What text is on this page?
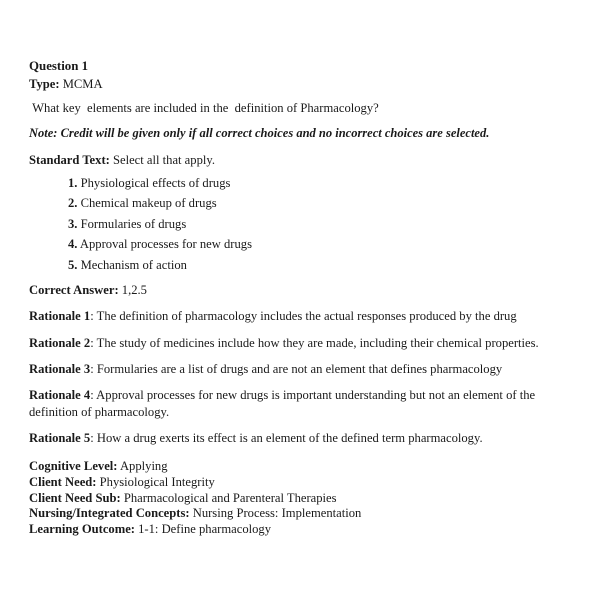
Question 1
Type: MCMA
What key  elements are included in the  definition of Pharmacology?
Note: Credit will be given only if all correct choices and no incorrect choices are selected.
Standard Text: Select all that apply.
1. Physiological effects of drugs
2. Chemical makeup of drugs
3. Formularies of drugs
4. Approval processes for new drugs
5. Mechanism of action
Correct Answer: 1,2.5
Rationale 1: The definition of pharmacology includes the actual responses produced by the drug
Rationale 2: The study of medicines include how they are made, including their chemical properties.
Rationale 3: Formularies are a list of drugs and are not an element that defines pharmacology
Rationale 4: Approval processes for new drugs is important understanding but not an element of the definition of pharmacology.
Rationale 5: How a drug exerts its effect is an element of the defined term pharmacology.
Cognitive Level: Applying
Client Need: Physiological Integrity
Client Need Sub: Pharmacological and Parenteral Therapies
Nursing/Integrated Concepts: Nursing Process: Implementation
Learning Outcome: 1-1: Define pharmacology
